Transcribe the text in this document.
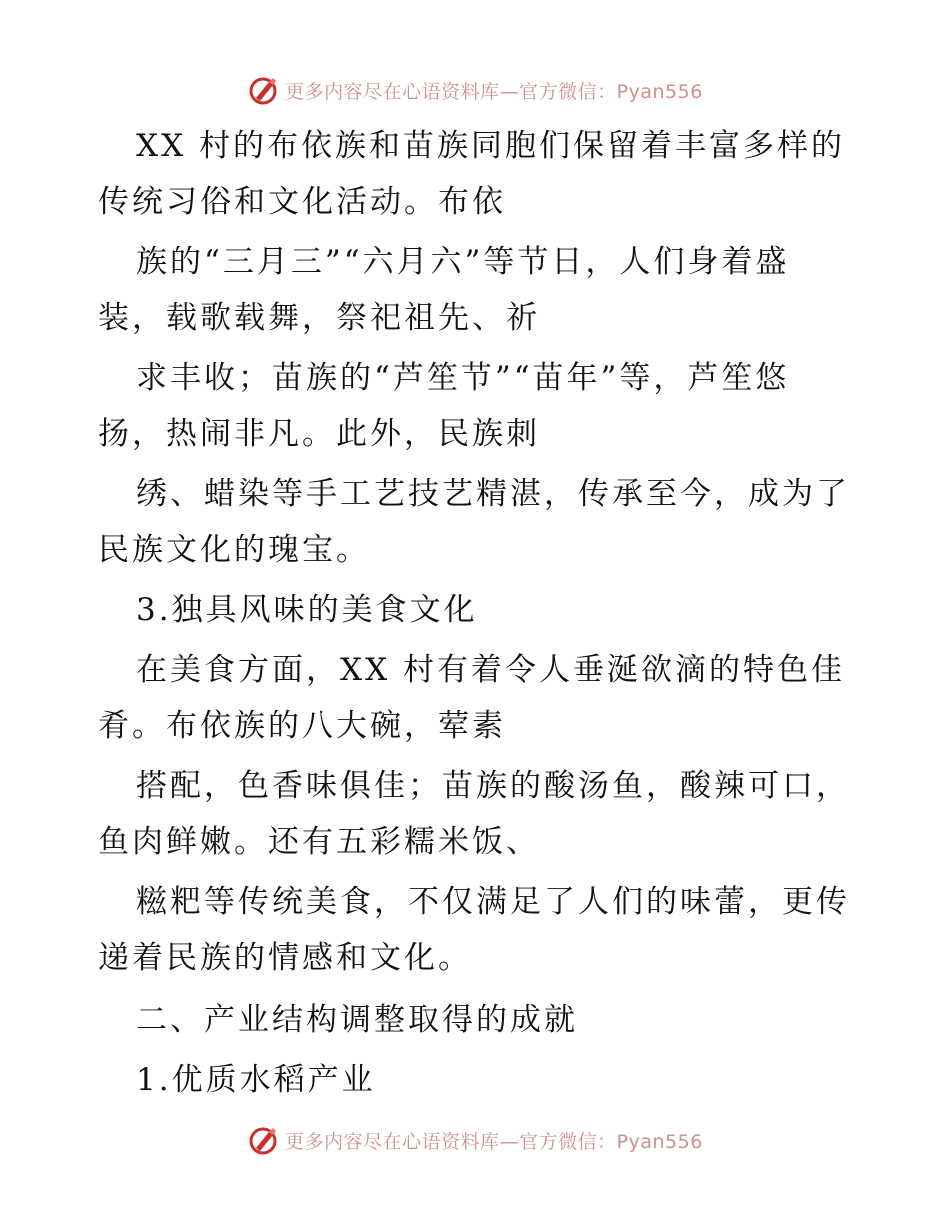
更多内容尽在心语资料库—官方微信：Pyan556
XX 村的布依族和苗族同胞们保留着丰富多样的
传统习俗和文化活动。布依
族的“三月三”“六月六”等节日，人们身着盛
装，载歌载舞，祭祀祖先、祈
求丰收；苗族的“芦笙节”“苗年”等，芦笙悠
扬，热闹非凡。此外，民族刺
绣、蜡染等手工艺技艺精湛，传承至今，成为了
民族文化的瑰宝。
3.独具风味的美食文化
在美食方面，XX 村有着令人垂涎欲滴的特色佳
肴。布依族的八大碗，荤素
搭配，色香味俱佳；苗族的酸汤鱼，酸辣可口，
鱼肉鲜嫩。还有五彩糯米饭、
糍粑等传统美食，不仅满足了人们的味蕾，更传
递着民族的情感和文化。
二、产业结构调整取得的成就
1.优质水稻产业
更多内容尽在心语资料库—官方微信：Pyan556
